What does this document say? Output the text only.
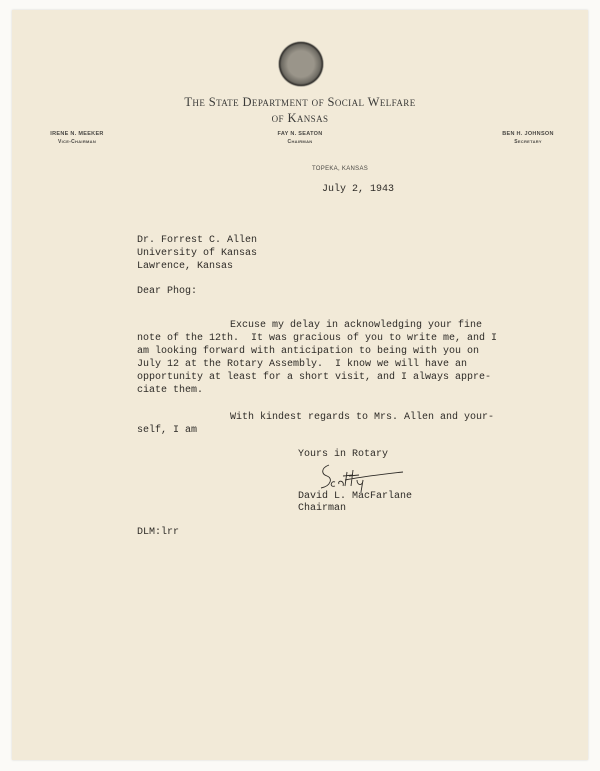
The State Department of Social Welfare
of Kansas
IRENE N. MEEKER
Vice-Chairman
FAY N. SEATON
Chairman
BEN H. JOHNSON
Secretary
TOPEKA, KANSAS
July 2, 1943
Dr. Forrest C. Allen
University of Kansas
Lawrence, Kansas
Dear Phog:
Excuse my delay in acknowledging your fine
note of the 12th.  It was gracious of you to write me, and I
am looking forward with anticipation to being with you on
July 12 at the Rotary Assembly.  I know we will have an
opportunity at least for a short visit, and I always appre-
ciate them.
With kindest regards to Mrs. Allen and your-
self, I am
Yours in Rotary
David L. MacFarlane
Chairman
DLM:lrr
